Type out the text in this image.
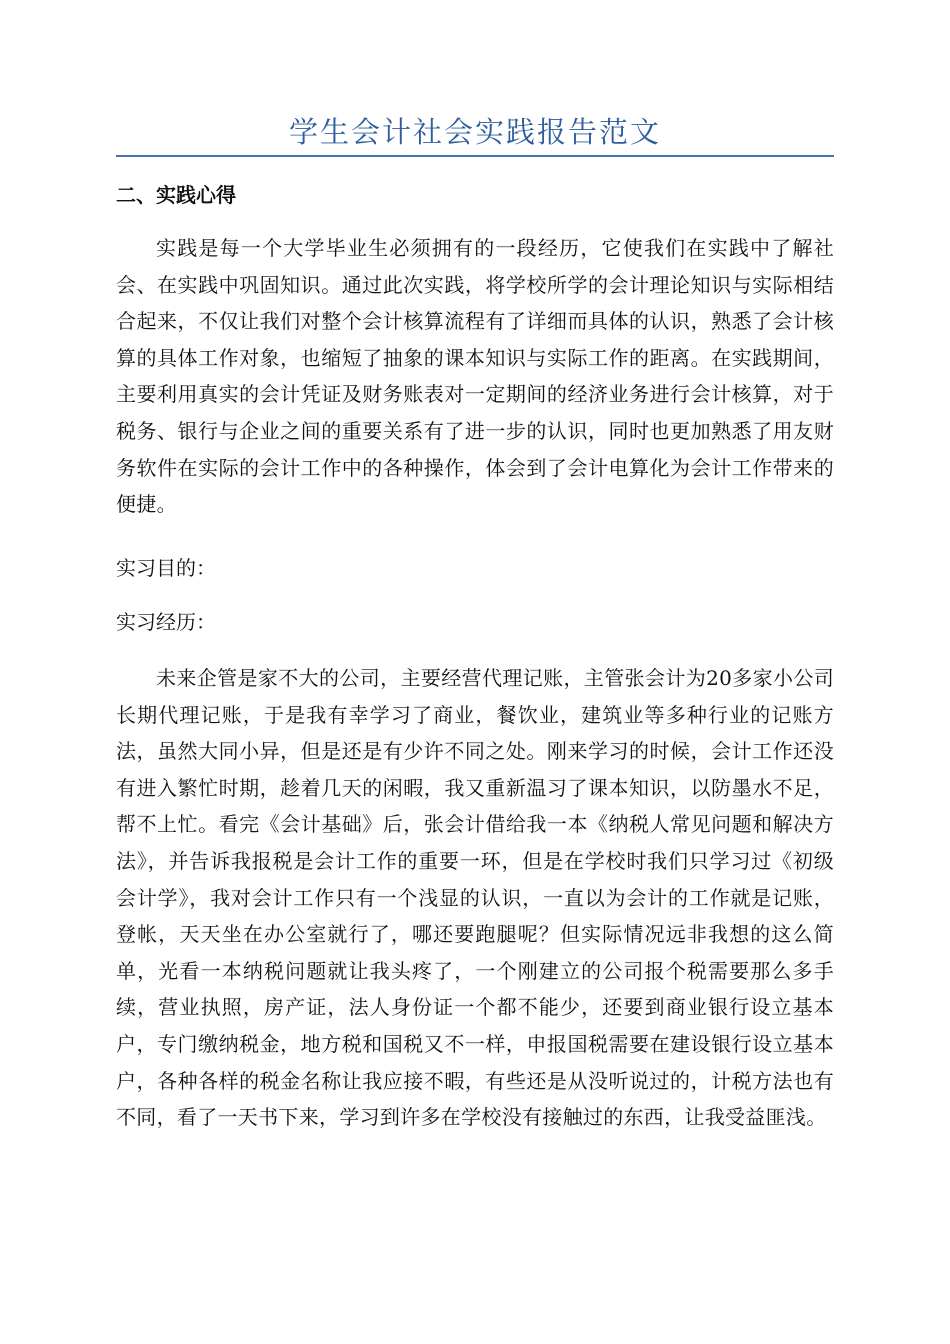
学生会计社会实践报告范文
二、实践心得

实践是每一个大学毕业生必须拥有的一段经历，它使我们在实践中了解社会、在实践中巩固知识。通过此次实践，将学校所学的会计理论知识与实际相结合起来，不仅让我们对整个会计核算流程有了详细而具体的认识，熟悉了会计核算的具体工作对象，也缩短了抽象的课本知识与实际工作的距离。在实践期间，主要利用真实的会计凭证及财务账表对一定期间的经济业务进行会计核算，对于税务、银行与企业之间的重要关系有了进一步的认识，同时也更加熟悉了用友财务软件在实际的会计工作中的各种操作，体会到了会计电算化为会计工作带来的便捷。

实习目的：

实习经历：

未来企管是家不大的公司，主要经营代理记账，主管张会计为20多家小公司长期代理记账，于是我有幸学习了商业，餐饮业，建筑业等多种行业的记账方法，虽然大同小异，但是还是有少许不同之处。刚来学习的时候，会计工作还没有进入繁忙时期，趁着几天的闲暇，我又重新温习了课本知识，以防墨水不足，帮不上忙。看完《会计基础》后，张会计借给我一本《纳税人常见问题和解决方法》，并告诉我报税是会计工作的重要一环，但是在学校时我们只学习过《初级会计学》，我对会计工作只有一个浅显的认识，一直以为会计的工作就是记账，登帐，天天坐在办公室就行了，哪还要跑腿呢？但实际情况远非我想的这么简单，光看一本纳税问题就让我头疼了，一个刚建立的公司报个税需要那么多手续，营业执照，房产证，法人身份证一个都不能少，还要到商业银行设立基本户，专门缴纳税金，地方税和国税又不一样，申报国税需要在建设银行设立基本户，各种各样的税金名称让我应接不暇，有些还是从没听说过的，计税方法也有不同，看了一天书下来，学习到许多在学校没有接触过的东西，让我受益匪浅。
